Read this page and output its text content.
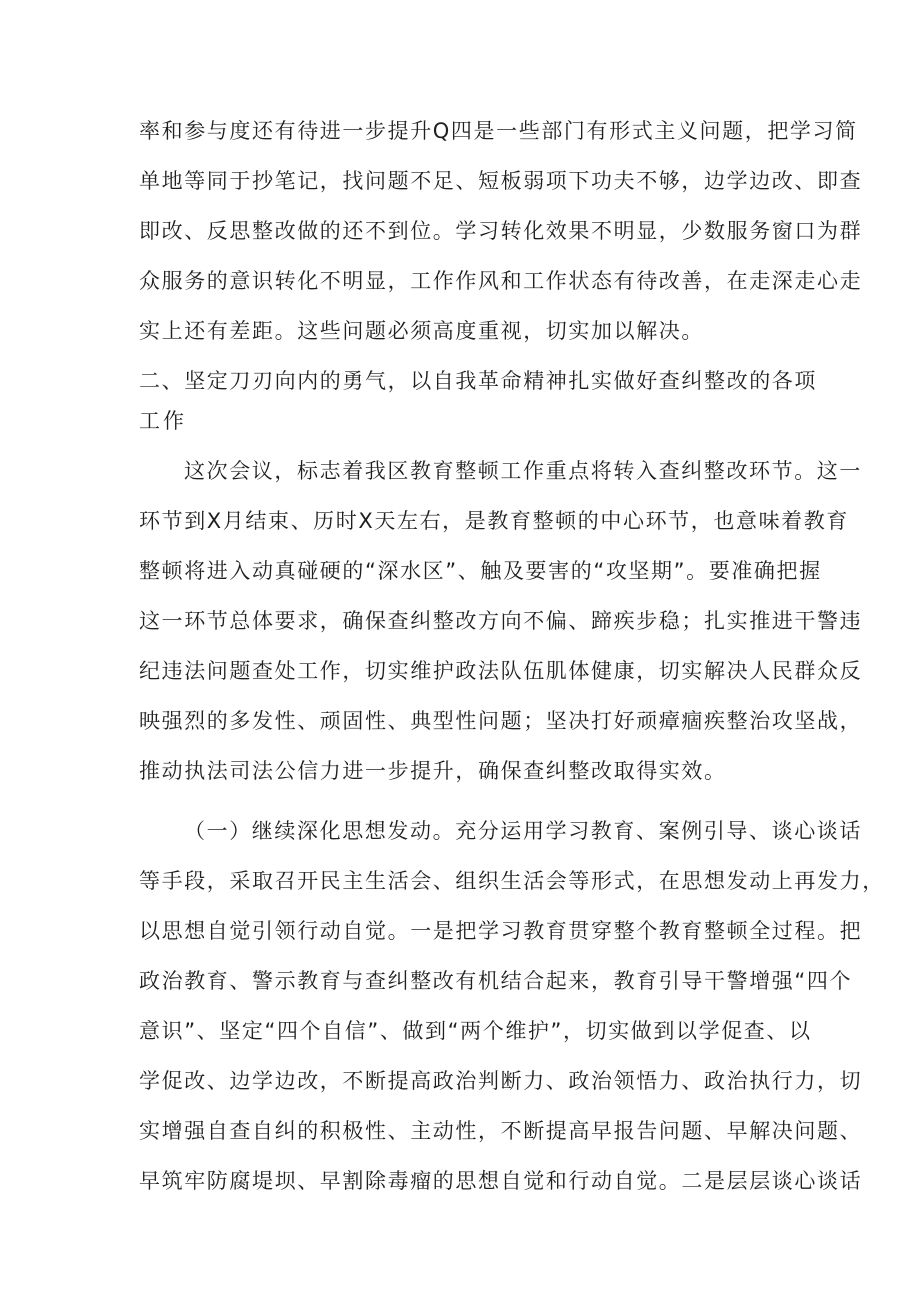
率和参与度还有待进一步提升Q四是一些部门有形式主义问题，把学习简
单地等同于抄笔记，找问题不足、短板弱项下功夫不够，边学边改、即查
即改、反思整改做的还不到位。学习转化效果不明显，少数服务窗口为群
众服务的意识转化不明显，工作作风和工作状态有待改善，在走深走心走
实上还有差距。这些问题必须高度重视，切实加以解决。
二、坚定刀刃向内的勇气，以自我革命精神扎实做好查纠整改的各项
工作
这次会议，标志着我区教育整顿工作重点将转入查纠整改环节。这一
环节到X月结束、历时X天左右，是教育整顿的中心环节，也意味着教育
整顿将进入动真碰硬的“深水区”、触及要害的“攻坚期”。要准确把握
这一环节总体要求，确保查纠整改方向不偏、蹄疾步稳；扎实推进干警违
纪违法问题查处工作，切实维护政法队伍肌体健康，切实解决人民群众反
映强烈的多发性、顽固性、典型性问题；坚决打好顽瘴痼疾整治攻坚战，
推动执法司法公信力进一步提升，确保查纠整改取得实效。
（一）继续深化思想发动。充分运用学习教育、案例引导、谈心谈话
等手段，采取召开民主生活会、组织生活会等形式，在思想发动上再发力，
以思想自觉引领行动自觉。一是把学习教育贯穿整个教育整顿全过程。把
政治教育、警示教育与查纠整改有机结合起来，教育引导干警增强“四个
意识”、坚定“四个自信”、做到“两个维护”，切实做到以学促查、以
学促改、边学边改，不断提高政治判断力、政治领悟力、政治执行力，切
实增强自查自纠的积极性、主动性，不断提高早报告问题、早解决问题、
早筑牢防腐堤坝、早割除毒瘤的思想自觉和行动自觉。二是层层谈心谈话
